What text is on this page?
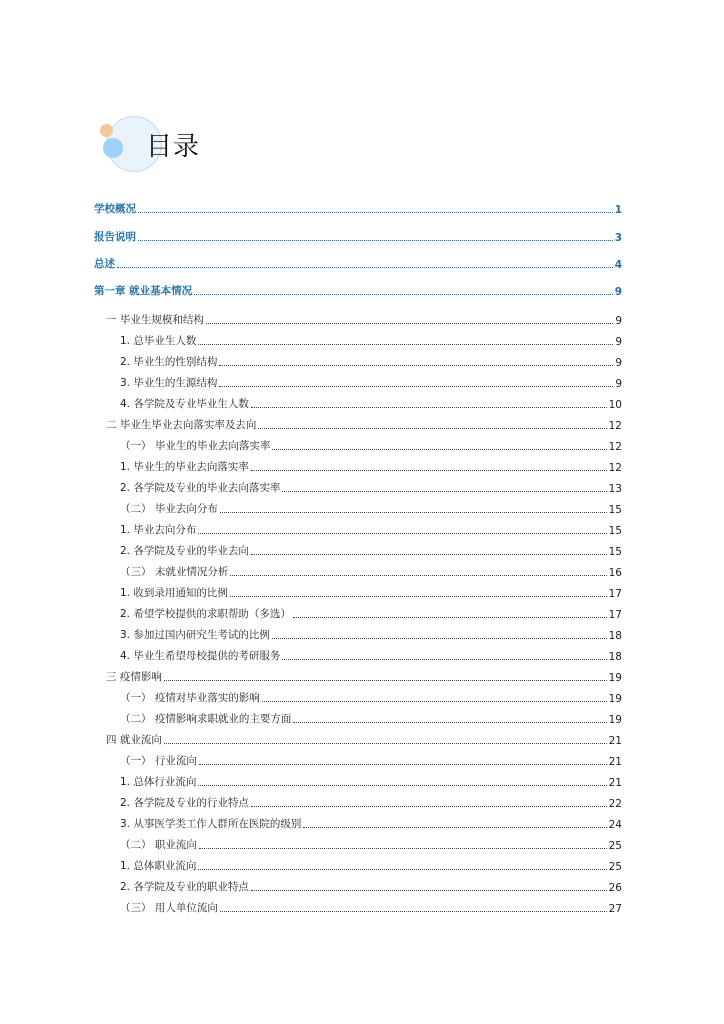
目录
学校概况	1
报告说明	3
总述	4
第一章 就业基本情况	9
一 毕业生规模和结构	9
1. 总毕业生人数	9
2. 毕业生的性别结构	9
3. 毕业生的生源结构	9
4. 各学院及专业毕业生人数	10
二 毕业生毕业去向落实率及去向	12
（一） 毕业生的毕业去向落实率	12
1. 毕业生的毕业去向落实率	12
2. 各学院及专业的毕业去向落实率	13
（二） 毕业去向分布	15
1. 毕业去向分布	15
2. 各学院及专业的毕业去向	15
（三） 未就业情况分析	16
1. 收到录用通知的比例	17
2. 希望学校提供的求职帮助（多选）	17
3. 参加过国内研究生考试的比例	18
4. 毕业生希望母校提供的考研服务	18
三 疫情影响	19
（一） 疫情对毕业落实的影响	19
（二） 疫情影响求职就业的主要方面	19
四 就业流向	21
（一） 行业流向	21
1. 总体行业流向	21
2. 各学院及专业的行业特点	22
3. 从事医学类工作人群所在医院的级别	24
（二） 职业流向	25
1. 总体职业流向	25
2. 各学院及专业的职业特点	26
（三） 用人单位流向	27
